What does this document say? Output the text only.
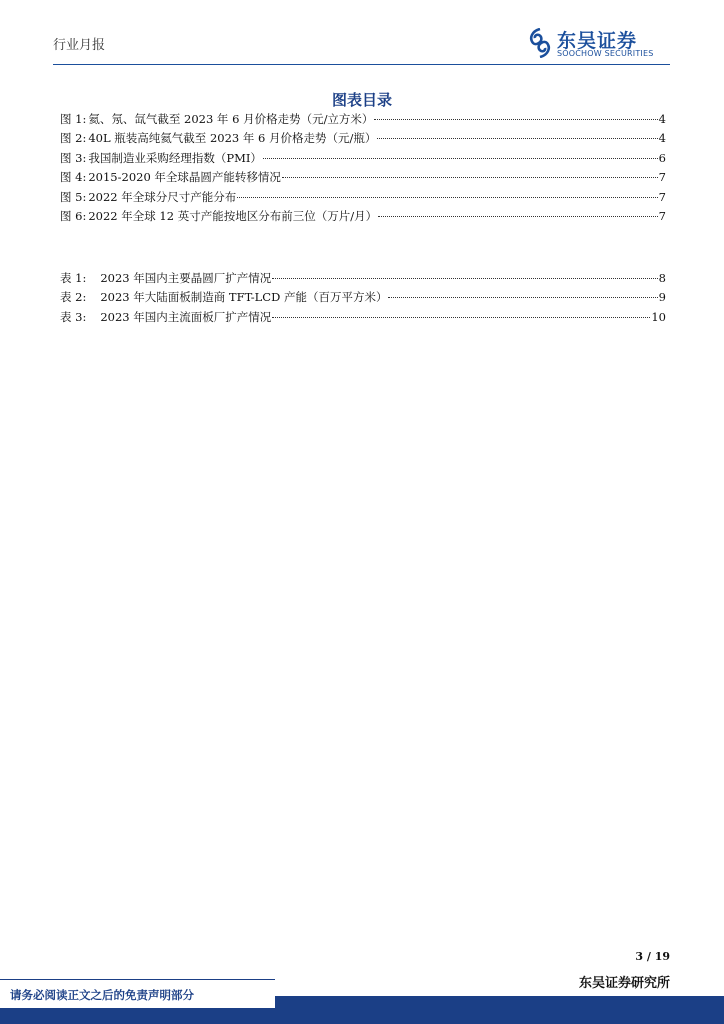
行业月报	东吴证券
SOOCHOW SECURITIES
图表目录
图 1: 氦、氖、氙气截至 2023 年 6 月价格走势（元/立方米）	4
图 2: 40L 瓶装高纯氦气截至 2023 年 6 月价格走势（元/瓶）	4
图 3: 我国制造业采购经理指数（PMI）	6
图 4: 2015-2020 年全球晶圆产能转移情况	7
图 5: 2022 年全球分尺寸产能分布	7
图 6: 2022 年全球 12 英寸产能按地区分布前三位（万片/月）	7
表 1:	2023 年国内主要晶圆厂扩产情况	8
表 2:	2023 年大陆面板制造商 TFT-LCD 产能（百万平方米）	9
表 3:	2023 年国内主流面板厂扩产情况	10
3 / 19
东吴证券研究所
请务必阅读正文之后的免责声明部分
